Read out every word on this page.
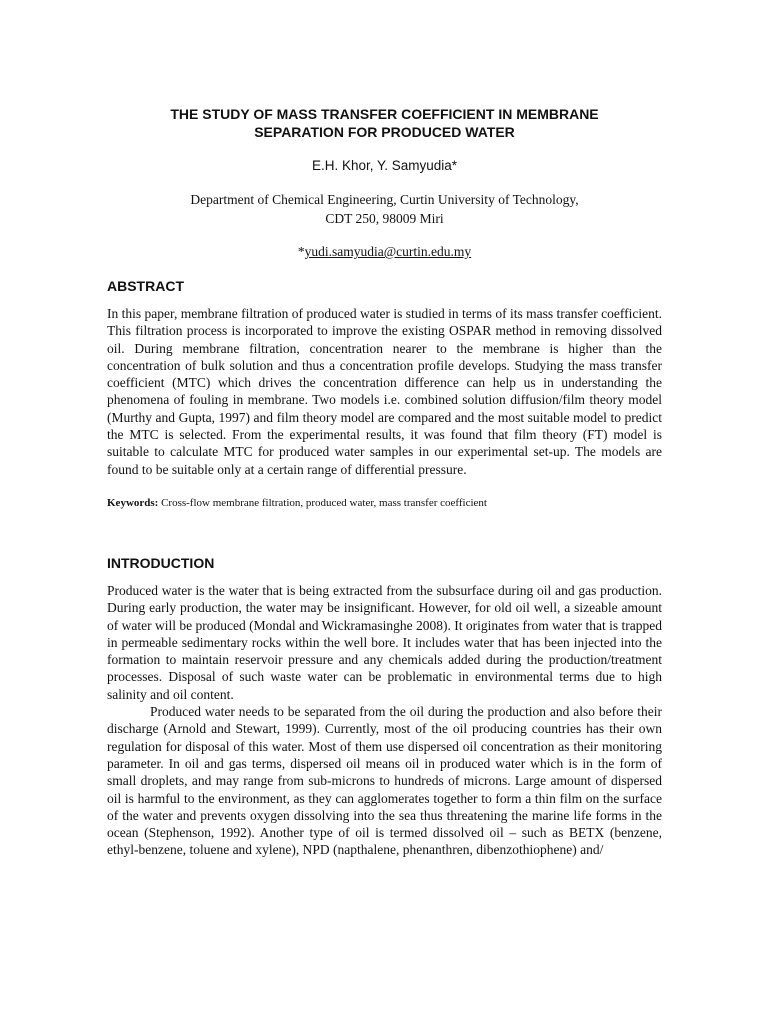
THE STUDY OF MASS TRANSFER COEFFICIENT IN MEMBRANE
SEPARATION FOR PRODUCED WATER
E.H. Khor, Y. Samyudia*
Department of Chemical Engineering, Curtin University of Technology,
CDT 250, 98009 Miri
*yudi.samyudia@curtin.edu.my
ABSTRACT

In this paper, membrane filtration of produced water is studied in terms of its mass transfer coefficient. This filtration process is incorporated to improve the existing OSPAR method in removing dissolved oil. During membrane filtration, concentration nearer to the membrane is higher than the concentration of bulk solution and thus a concentration profile develops. Studying the mass transfer coefficient (MTC) which drives the concentration difference can help us in understanding the phenomena of fouling in membrane. Two models i.e. combined solution diffusion/film theory model (Murthy and Gupta, 1997) and film theory model are compared and the most suitable model to predict the MTC is selected. From the experimental results, it was found that film theory (FT) model is suitable to calculate MTC for produced water samples in our experimental set-up. The models are found to be suitable only at a certain range of differential pressure.

Keywords: Cross-flow membrane filtration, produced water, mass transfer coefficient
INTRODUCTION

Produced water is the water that is being extracted from the subsurface during oil and gas production. During early production, the water may be insignificant. However, for old oil well, a sizeable amount of water will be produced (Mondal and Wickramasinghe 2008). It originates from water that is trapped in permeable sedimentary rocks within the well bore. It includes water that has been injected into the formation to maintain reservoir pressure and any chemicals added during the production/treatment processes. Disposal of such waste water can be problematic in environmental terms due to high salinity and oil content.

Produced water needs to be separated from the oil during the production and also before their discharge (Arnold and Stewart, 1999). Currently, most of the oil producing countries has their own regulation for disposal of this water. Most of them use dispersed oil concentration as their monitoring parameter. In oil and gas terms, dispersed oil means oil in produced water which is in the form of small droplets, and may range from sub-microns to hundreds of microns. Large amount of dispersed oil is harmful to the environment, as they can agglomerates together to form a thin film on the surface of the water and prevents oxygen dissolving into the sea thus threatening the marine life forms in the ocean (Stephenson, 1992). Another type of oil is termed dissolved oil – such as BETX (benzene, ethyl-benzene, toluene and xylene), NPD (napthalene, phenanthren, dibenzothiophene) and/
